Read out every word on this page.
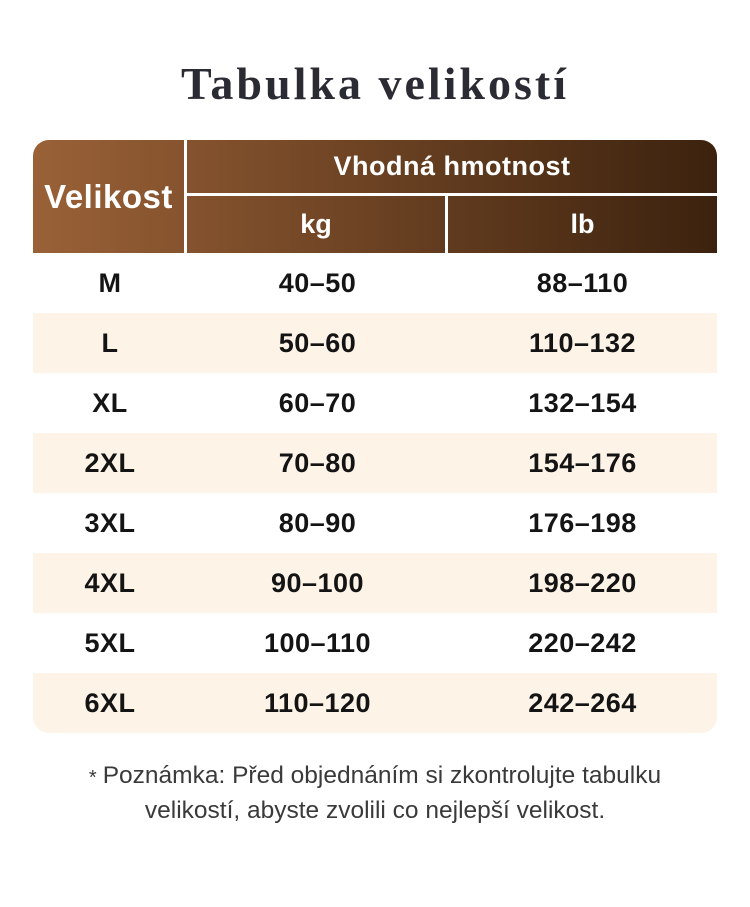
Tabulka velikostí
Velikost
Vhodná hmotnost
kg	lb
M	40–50	88–110
L	50–60	110–132
XL	60–70	132–154
2XL	70–80	154–176
3XL	80–90	176–198
4XL	90–100	198–220
5XL	100–110	220–242
6XL	110–120	242–264
* Poznámka: Před objednáním si zkontrolujte tabulku
velikostí, abyste zvolili co nejlepší velikost.
